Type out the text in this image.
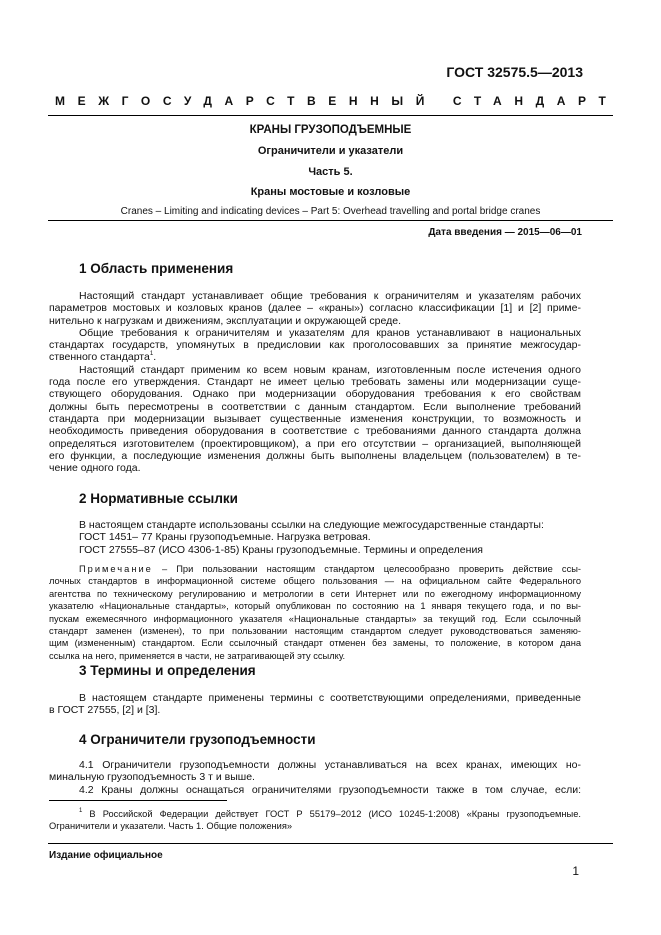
ГОСТ 32575.5—2013
МЕЖГОСУДАРСТВЕННЫЙ СТАНДАРТ
КРАНЫ ГРУЗОПОДЪЕМНЫЕ
Ограничители и указатели
Часть 5.
Краны мостовые и козловые
Cranes – Limiting and indicating devices – Part 5: Overhead travelling and portal bridge cranes
Дата введения — 2015—06—01
1 Область применения
Настоящий стандарт устанавливает общие требования к ограничителям и указателям рабочих
параметров мостовых и козловых кранов (далее – «краны») согласно классификации [1] и [2] приме-
нительно к нагрузкам и движениям, эксплуатации и окружающей среде.
Общие требования к ограничителям и указателям для кранов устанавливают в национальных
стандартах государств, упомянутых в предисловии как проголосовавших за принятие межгосудар-
ственного стандарта$^1$.
Настоящий стандарт применим ко всем новым кранам, изготовленным после истечения одного
года после его утверждения. Стандарт не имеет целью требовать замены или модернизации суще-
ствующего оборудования. Однако при модернизации оборудования требования к его свойствам
должны быть пересмотрены в соответствии с данным стандартом. Если выполнение требований
стандарта при модернизации вызывает существенные изменения конструкции, то возможность и
необходимость приведения оборудования в соответствие с требованиями данного стандарта должна
определяться изготовителем (проектировщиком), а при его отсутствии – организацией, выполняющей
его функции, а последующие изменения должны быть выполнены владельцем (пользователем) в те-
чение одного года.
2 Нормативные ссылки
В настоящем стандарте использованы ссылки на следующие межгосударственные стандарты:
ГОСТ 1451– 77 Краны грузоподъемные. Нагрузка ветровая.
ГОСТ 27555–87 (ИСО 4306-1-85) Краны грузоподъемные. Термины и определения
Примечание – При пользовании настоящим стандартом целесообразно проверить действие ссы-
лочных стандартов в информационной системе общего пользования — на официальном сайте Федерального
агентства по техническому регулированию и метрологии в сети Интернет или по ежегодному информационному
указателю «Национальные стандарты», который опубликован по состоянию на 1 января текущего года, и по вы-
пускам ежемесячного информационного указателя «Национальные стандарты» за текущий год. Если ссылочный
стандарт заменен (изменен), то при пользовании настоящим стандартом следует руководствоваться заменяю-
щим (измененным) стандартом. Если ссылочный стандарт отменен без замены, то положение, в котором дана
ссылка на него, применяется в части, не затрагивающей эту ссылку.
3 Термины и определения
В настоящем стандарте применены термины с соответствующими определениями, приведенные
в ГОСТ 27555, [2] и [3].
4 Ограничители грузоподъемности
4.1 Ограничители грузоподъемности должны устанавливаться на всех кранах, имеющих но-
минальную грузоподъемность 3 т и выше.
4.2 Краны должны оснащаться ограничителями грузоподъемности также в том случае, если:
$^1$ В Российской Федерации действует ГОСТ Р 55179–2012 (ИСО 10245-1:2008) «Краны грузоподъемные.
Ограничители и указатели. Часть 1. Общие положения»
Издание официальное
1
